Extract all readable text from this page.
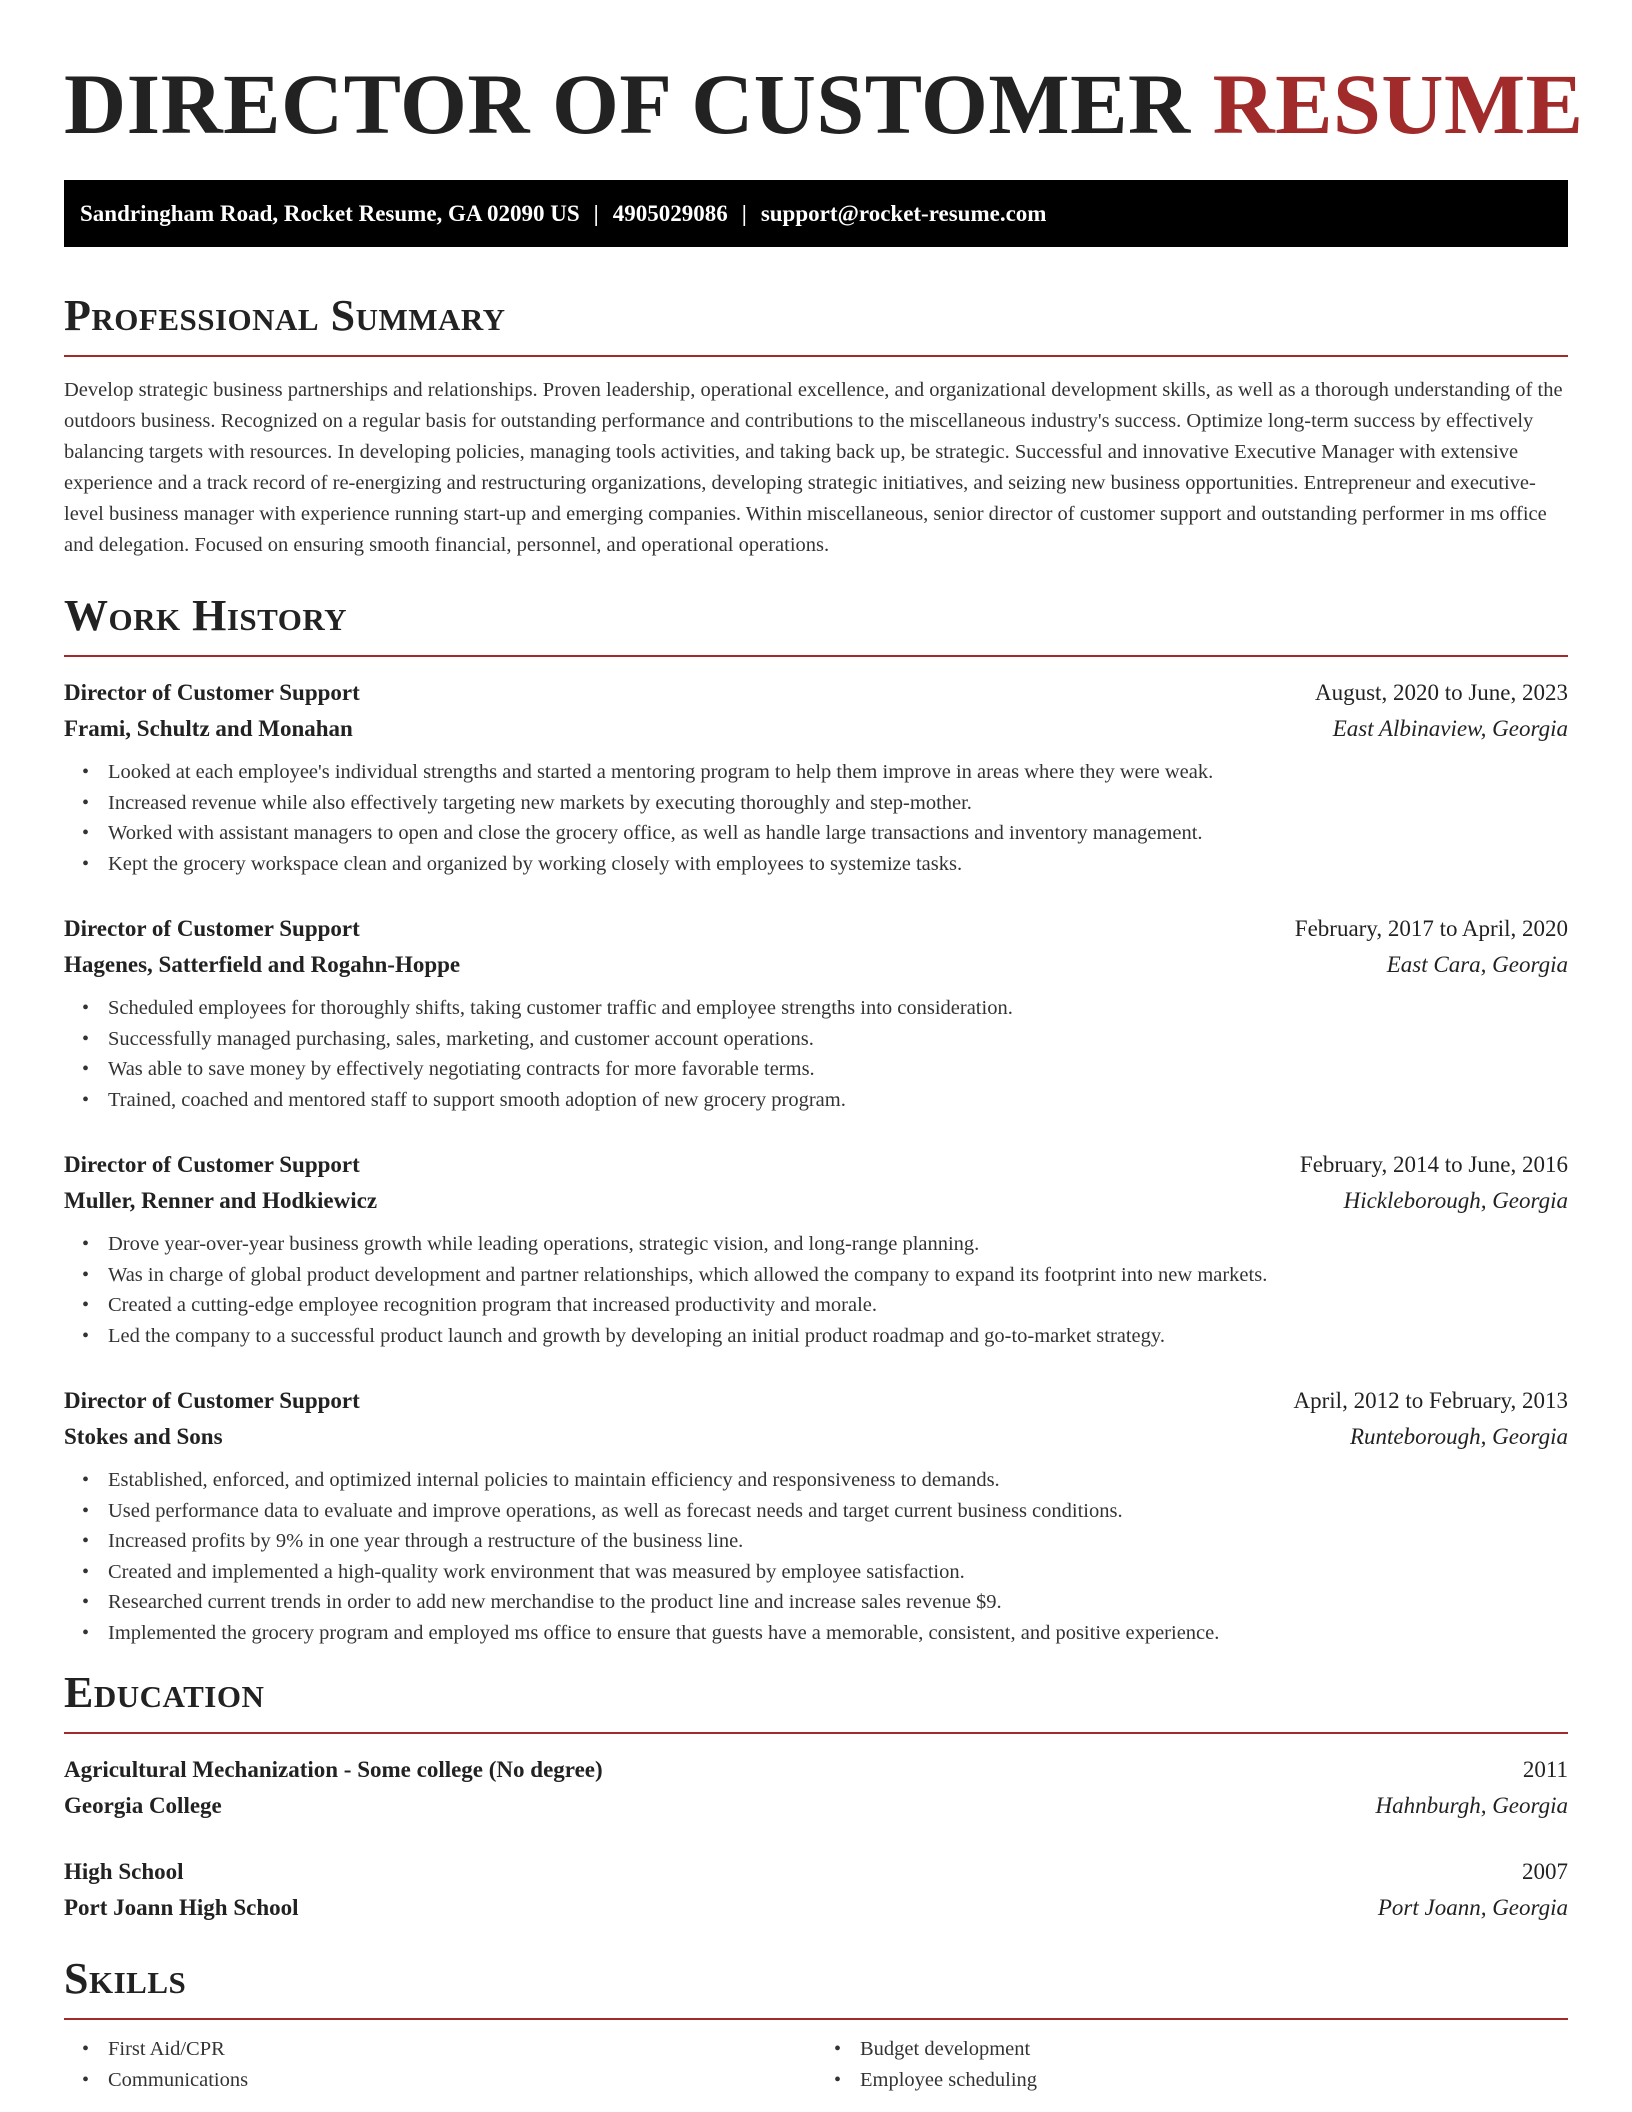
DIRECTOR OF CUSTOMER RESUME
Sandringham Road, Rocket Resume, GA 02090 US | 4905029086 | support@rocket-resume.com
Professional Summary

Develop strategic business partnerships and relationships. Proven leadership, operational excellence, and organizational development skills, as well as a thorough understanding of the outdoors business. Recognized on a regular basis for outstanding performance and contributions to the miscellaneous industry's success. Optimize long-term success by effectively balancing targets with resources. In developing policies, managing tools activities, and taking back up, be strategic. Successful and innovative Executive Manager with extensive experience and a track record of re-energizing and restructuring organizations, developing strategic initiatives, and seizing new business opportunities. Entrepreneur and executive-level business manager with experience running start-up and emerging companies. Within miscellaneous, senior director of customer support and outstanding performer in ms office and delegation. Focused on ensuring smooth financial, personnel, and operational operations.

Work History
Director of Customer Support	August, 2020 to June, 2023
Frami, Schultz and Monahan	East Albinaview, Georgia
• Looked at each employee's individual strengths and started a mentoring program to help them improve in areas where they were weak.
• Increased revenue while also effectively targeting new markets by executing thoroughly and step-mother.
• Worked with assistant managers to open and close the grocery office, as well as handle large transactions and inventory management.
• Kept the grocery workspace clean and organized by working closely with employees to systemize tasks.
Director of Customer Support	February, 2017 to April, 2020
Hagenes, Satterfield and Rogahn-Hoppe	East Cara, Georgia
• Scheduled employees for thoroughly shifts, taking customer traffic and employee strengths into consideration.
• Successfully managed purchasing, sales, marketing, and customer account operations.
• Was able to save money by effectively negotiating contracts for more favorable terms.
• Trained, coached and mentored staff to support smooth adoption of new grocery program.
Director of Customer Support	February, 2014 to June, 2016
Muller, Renner and Hodkiewicz	Hickleborough, Georgia
• Drove year-over-year business growth while leading operations, strategic vision, and long-range planning.
• Was in charge of global product development and partner relationships, which allowed the company to expand its footprint into new markets.
• Created a cutting-edge employee recognition program that increased productivity and morale.
• Led the company to a successful product launch and growth by developing an initial product roadmap and go-to-market strategy.
Director of Customer Support	April, 2012 to February, 2013
Stokes and Sons	Runteborough, Georgia
• Established, enforced, and optimized internal policies to maintain efficiency and responsiveness to demands.
• Used performance data to evaluate and improve operations, as well as forecast needs and target current business conditions.
• Increased profits by 9% in one year through a restructure of the business line.
• Created and implemented a high-quality work environment that was measured by employee satisfaction.
• Researched current trends in order to add new merchandise to the product line and increase sales revenue $9.
• Implemented the grocery program and employed ms office to ensure that guests have a memorable, consistent, and positive experience.
Education
Agricultural Mechanization - Some college (No degree)	2011
Georgia College	Hahnburgh, Georgia
High School	2007
Port Joann High School	Port Joann, Georgia
Skills
• First Aid/CPR
• Communications
• Budget development
• Employee scheduling
